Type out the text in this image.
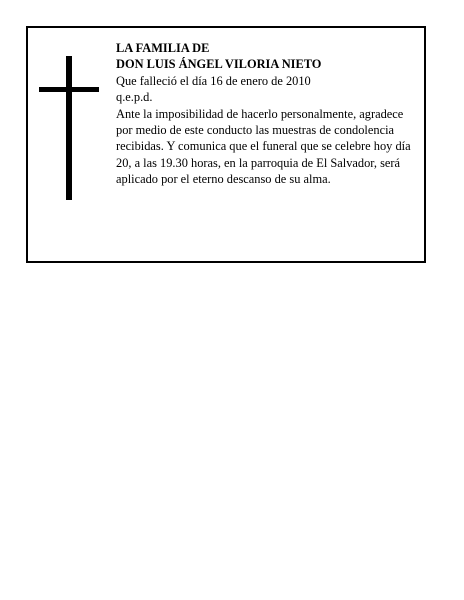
LA FAMILIA DE

DON LUIS ÁNGEL VILORIA NIETO

Que falleció el día 16 de enero de 2010

q.e.p.d.

Ante la imposibilidad de hacerlo personalmente, agradece por medio de este conducto las muestras de condolencia recibidas. Y comunica que el funeral que se celebre hoy día 20, a las 19.30 horas, en la parroquia de El Salvador, será aplicado por el eterno descanso de su alma.
